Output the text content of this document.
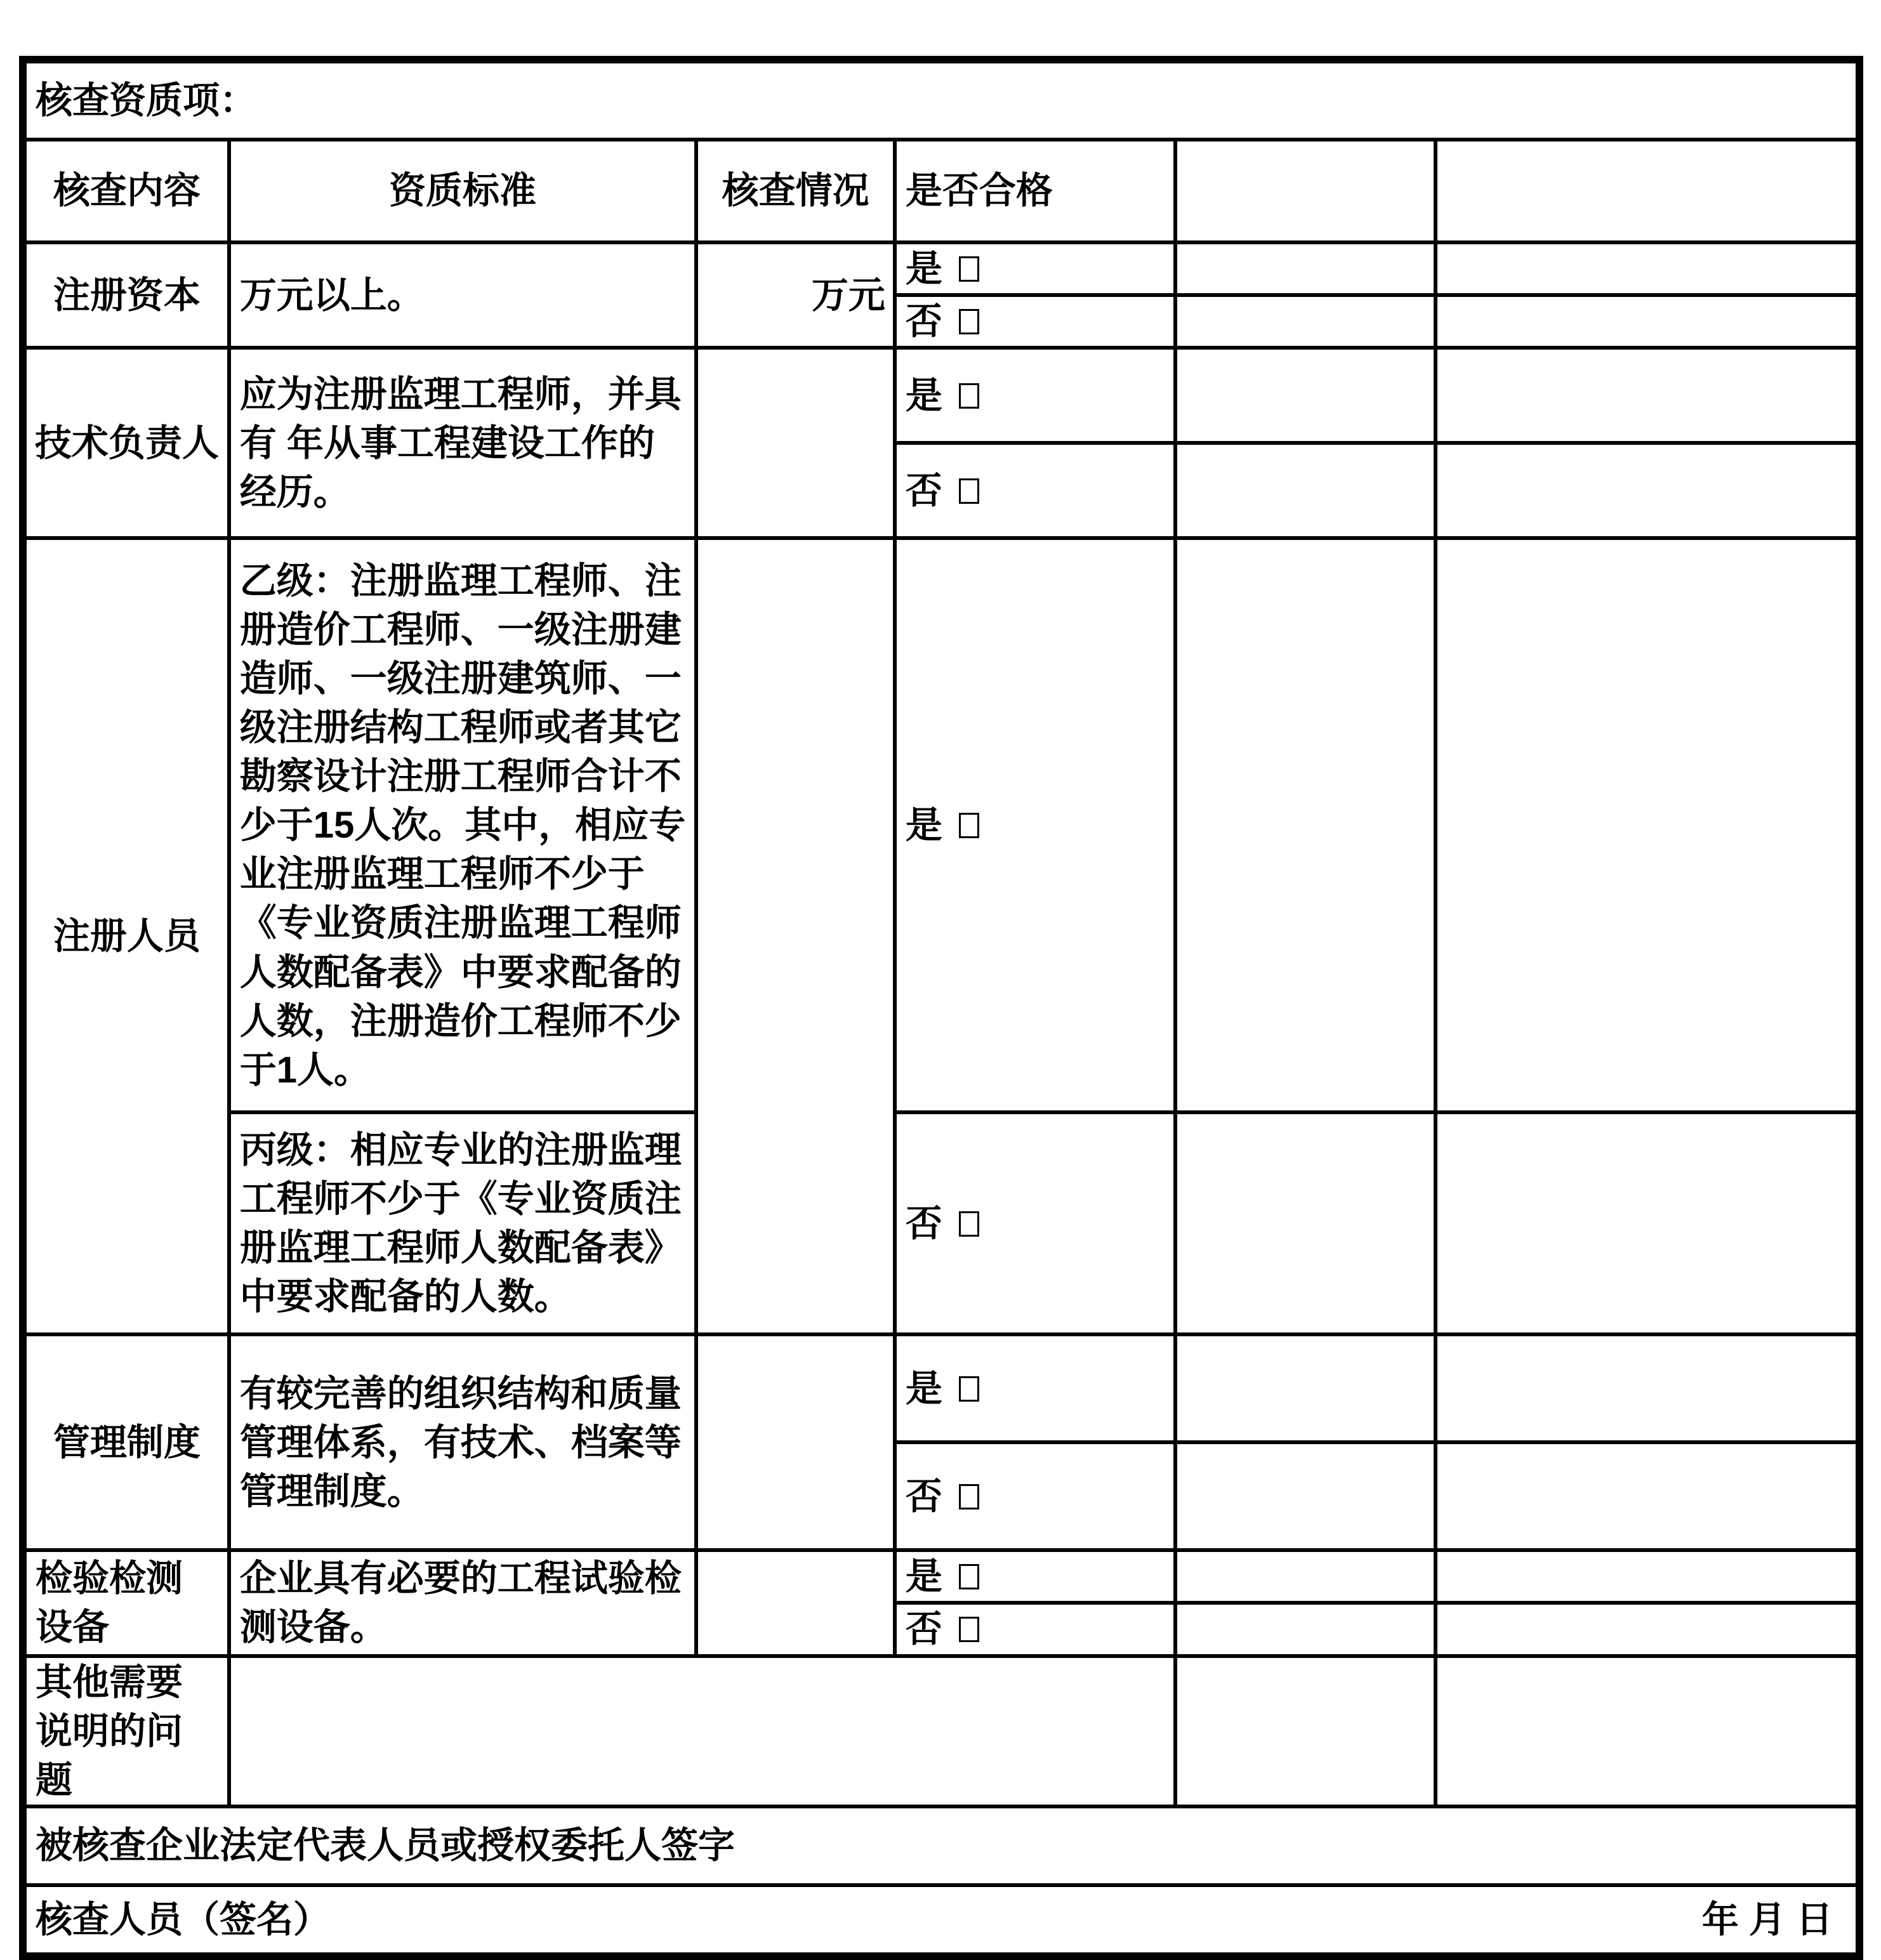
核查资质项：					
核查内容	资质标准	核查情况	是否合格		
注册资本	万元以上。	万元	是		
			否		
技术负责人	应为注册监理工程师，并具有 年从事工程建设工作的经历。		是		
			否		
注册人员	乙级：注册监理工程师、注册造价工程师、一级注册建造师、一级注册建筑师、一级注册结构工程师或者其它勘察设计注册工程师合计不少于15人次。其中，相应专业注册监理工程师不少于《专业资质注册监理工程师人数配备表》中要求配备的人数，注册造价工程师不少于1人。		是		
	丙级：相应专业的注册监理工程师不少于《专业资质注册监理工程师人数配备表》中要求配备的人数。		否		
管理制度	有较完善的组织结构和质量管理体系，有技术、档案等管理制度。		是		
			否		
检验检测设备	企业具有必要的工程试验检测设备。		是		
			否		
其他需要说明的问题					
被核查企业法定代表人员或授权委托人签字					

核查人员（签名） 年 月 日					
